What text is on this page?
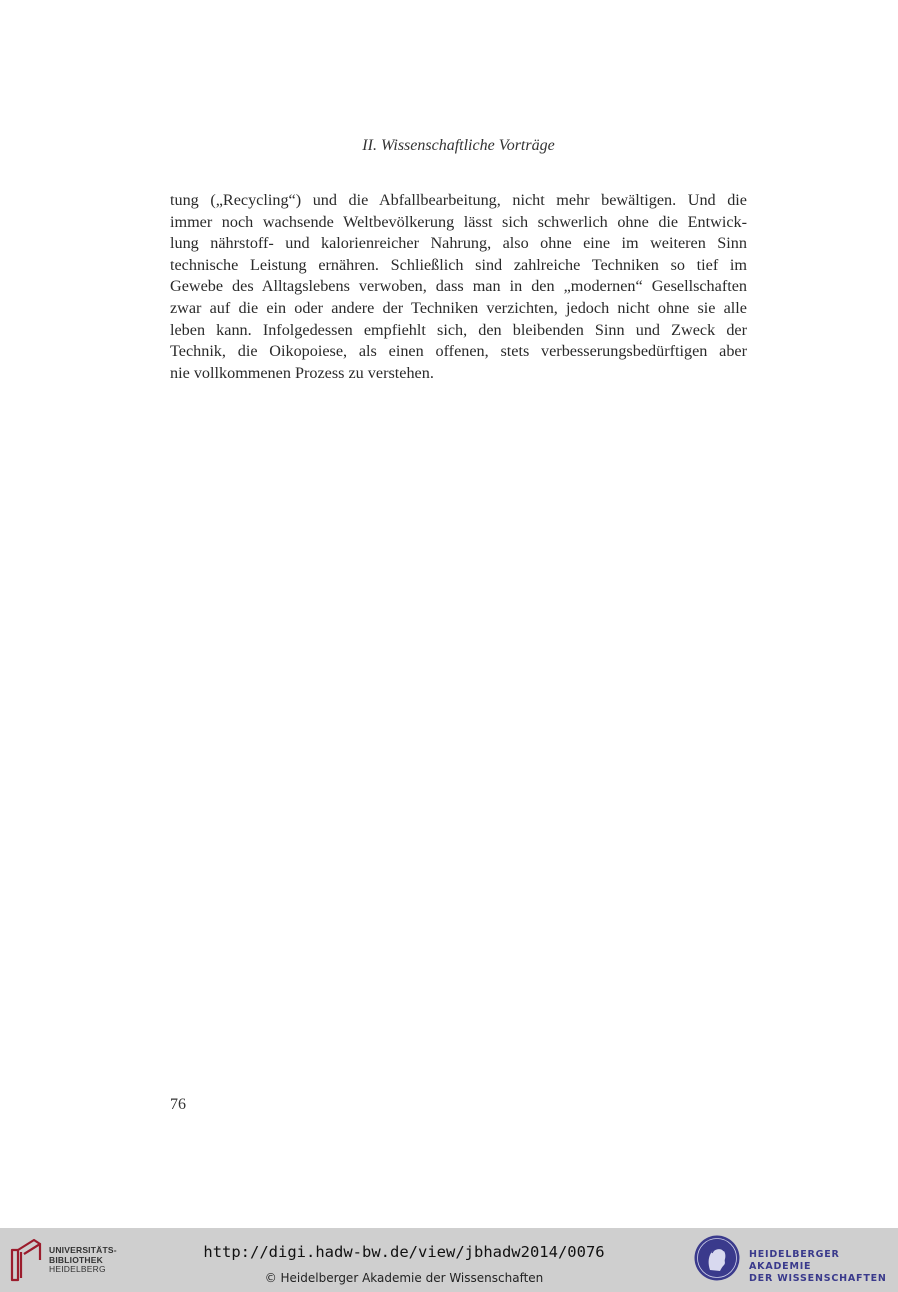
II. Wissenschaftliche Vorträge
tung („Recycling“) und die Abfallbearbeitung, nicht mehr bewältigen. Und die
immer noch wachsende Weltbevölkerung lässt sich schwerlich ohne die Entwick-
lung nährstoff- und kalorienreicher Nahrung, also ohne eine im weiteren Sinn
technische Leistung ernähren. Schließlich sind zahlreiche Techniken so tief im
Gewebe des Alltagslebens verwoben, dass man in den „modernen“ Gesellschaften
zwar auf die ein oder andere der Techniken verzichten, jedoch nicht ohne sie alle
leben kann. Infolgedessen empfiehlt sich, den bleibenden Sinn und Zweck der
Technik, die Oikopoiese, als einen offenen, stets verbesserungsbedürftigen aber
nie vollkommenen Prozess zu verstehen.
76
UNIVERSITÄTS-
BIBLIOTHEK
HEIDELBERG
http://digi.hadw-bw.de/view/jbhadw2014/0076
© Heidelberger Akademie der Wissenschaften
HEIDELBERGER AKADEMIE
DER WISSENSCHAFTEN
